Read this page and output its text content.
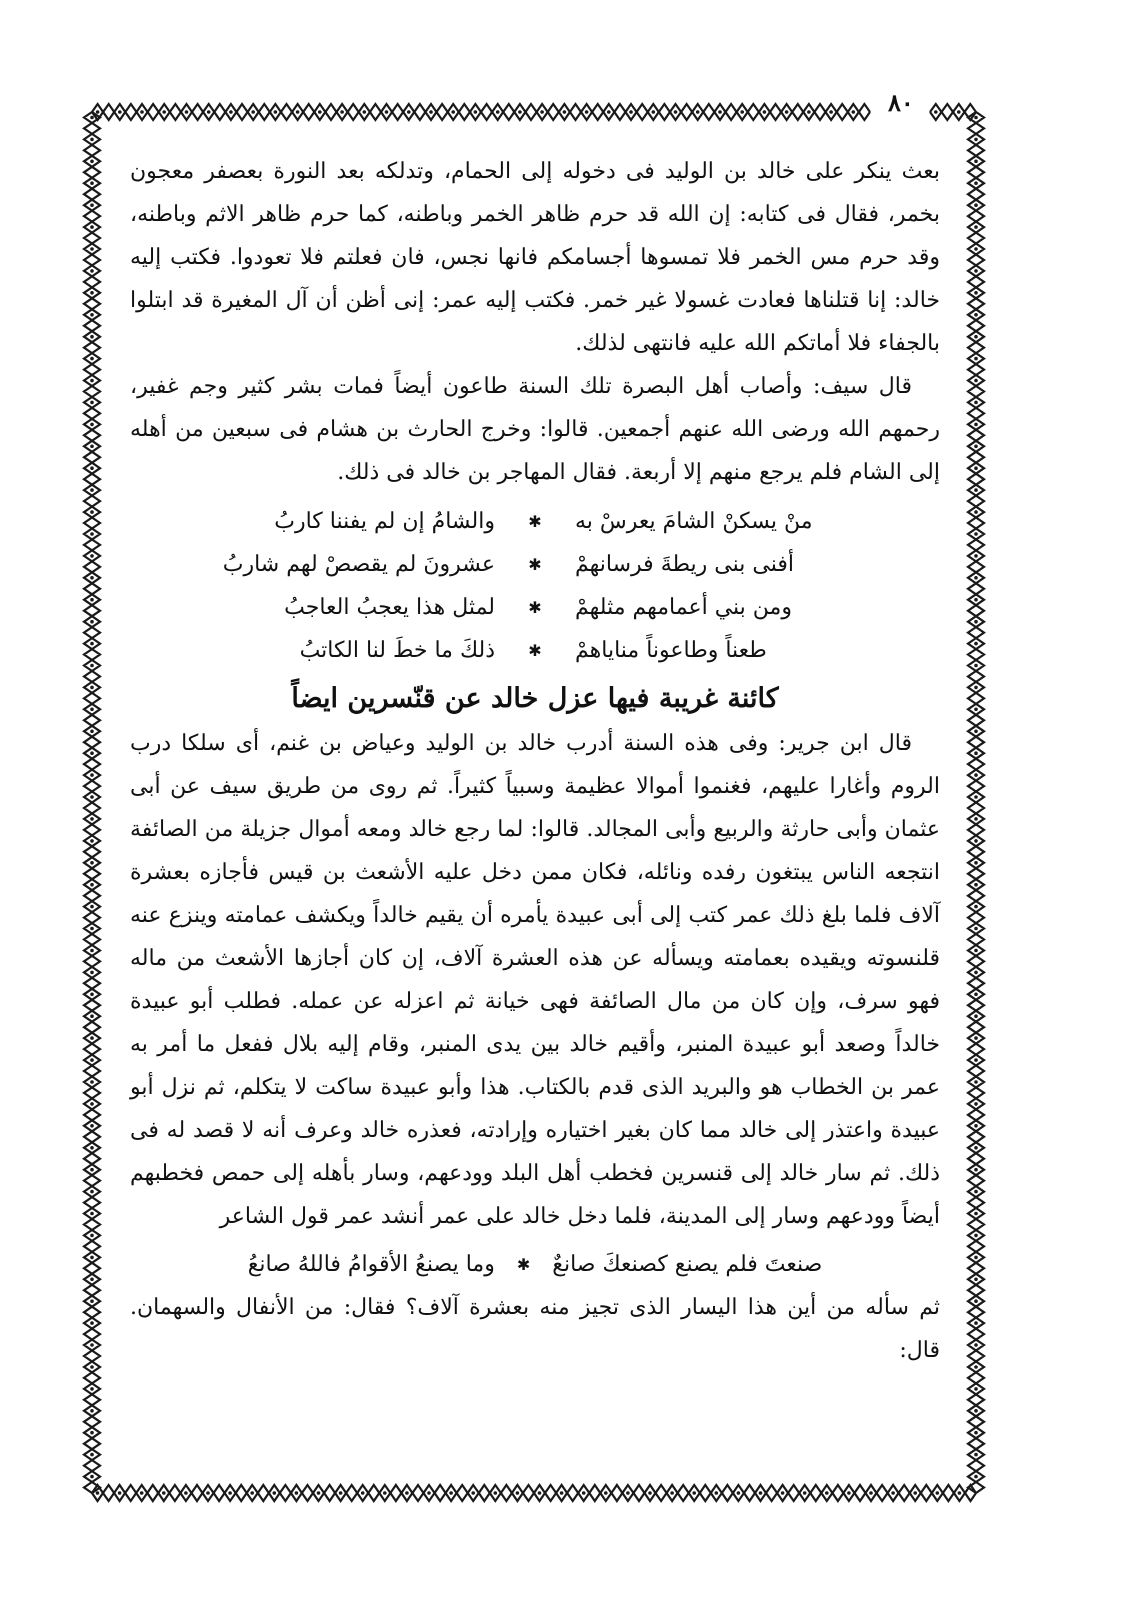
٨٠

بعث ينكر على خالد بن الوليد فى دخوله إلى الحمام، وتدلكه بعد النورة بعصفر معجون بخمر، فقال فى كتابه: إن الله قد حرم ظاهر الخمر وباطنه، كما حرم ظاهر الاثم وباطنه، وقد حرم مس الخمر فلا تمسوها أجسامكم فانها نجس، فان فعلتم فلا تعودوا. فكتب إليه خالد: إنا قتلناها فعادت غسولا غير خمر. فكتب إليه عمر: إنى أظن أن آل المغيرة قد ابتلوا بالجفاء فلا أماتكم الله عليه فانتهى لذلك.

قال سيف: وأصاب أهل البصرة تلك السنة طاعون أيضاً فمات بشر كثير وجم غفير، رحمهم الله ورضى الله عنهم أجمعين. قالوا: وخرج الحارث بن هشام فى سبعين من أهله إلى الشام فلم يرجع منهم إلا أربعة. فقال المهاجر بن خالد فى ذلك.

منْ يسكنْ الشامَ يعرسْ به
✱
والشامُ إن لم يفننا كاربُ
أفنى بنى ريطةَ فرسانهمْ
✱
عشرونَ لم يقصصْ لهم شاربُ
ومن بني أعمامهم مثلهمْ
✱
لمثل هذا يعجبُ العاجبُ
طعناً وطاعوناً مناياهمْ
✱
ذلكَ ما خطَ لنا الكاتبُ
كائنة غريبة فيها عزل خالد عن قنّسرين ايضاً

قال ابن جرير: وفى هذه السنة أدرب خالد بن الوليد وعياض بن غنم، أى سلكا درب الروم وأغارا عليهم، فغنموا أموالا عظيمة وسبياً كثيراً. ثم روى من طريق سيف عن أبى عثمان وأبى حارثة والربيع وأبى المجالد. قالوا: لما رجع خالد ومعه أموال جزيلة من الصائفة انتجعه الناس يبتغون رفده ونائله، فكان ممن دخل عليه الأشعث بن قيس فأجازه بعشرة آلاف فلما بلغ ذلك عمر كتب إلى أبى عبيدة يأمره أن يقيم خالداً ويكشف عمامته وينزع عنه قلنسوته ويقيده بعمامته ويسأله عن هذه العشرة آلاف، إن كان أجازها الأشعث من ماله فهو سرف، وإن كان من مال الصائفة فهى خيانة ثم اعزله عن عمله. فطلب أبو عبيدة خالداً وصعد أبو عبيدة المنبر، وأقيم خالد بين يدى المنبر، وقام إليه بلال ففعل ما أمر به عمر بن الخطاب هو والبريد الذى قدم بالكتاب. هذا وأبو عبيدة ساكت لا يتكلم، ثم نزل أبو عبيدة واعتذر إلى خالد مما كان بغير اختياره وإرادته، فعذره خالد وعرف أنه لا قصد له فى ذلك. ثم سار خالد إلى قنسرين فخطب أهل البلد وودعهم، وسار بأهله إلى حمص فخطبهم أيضاً وودعهم وسار إلى المدينة، فلما دخل خالد على عمر أنشد عمر قول الشاعر

صنعتَ فلم يصنع كصنعكَ صانعٌ
✱
وما يصنعُ الأقوامُ فاللهُ صانعُ

ثم سأله من أين هذا اليسار الذى تجيز منه بعشرة آلاف؟ فقال: من الأنفال والسهمان. قال:
